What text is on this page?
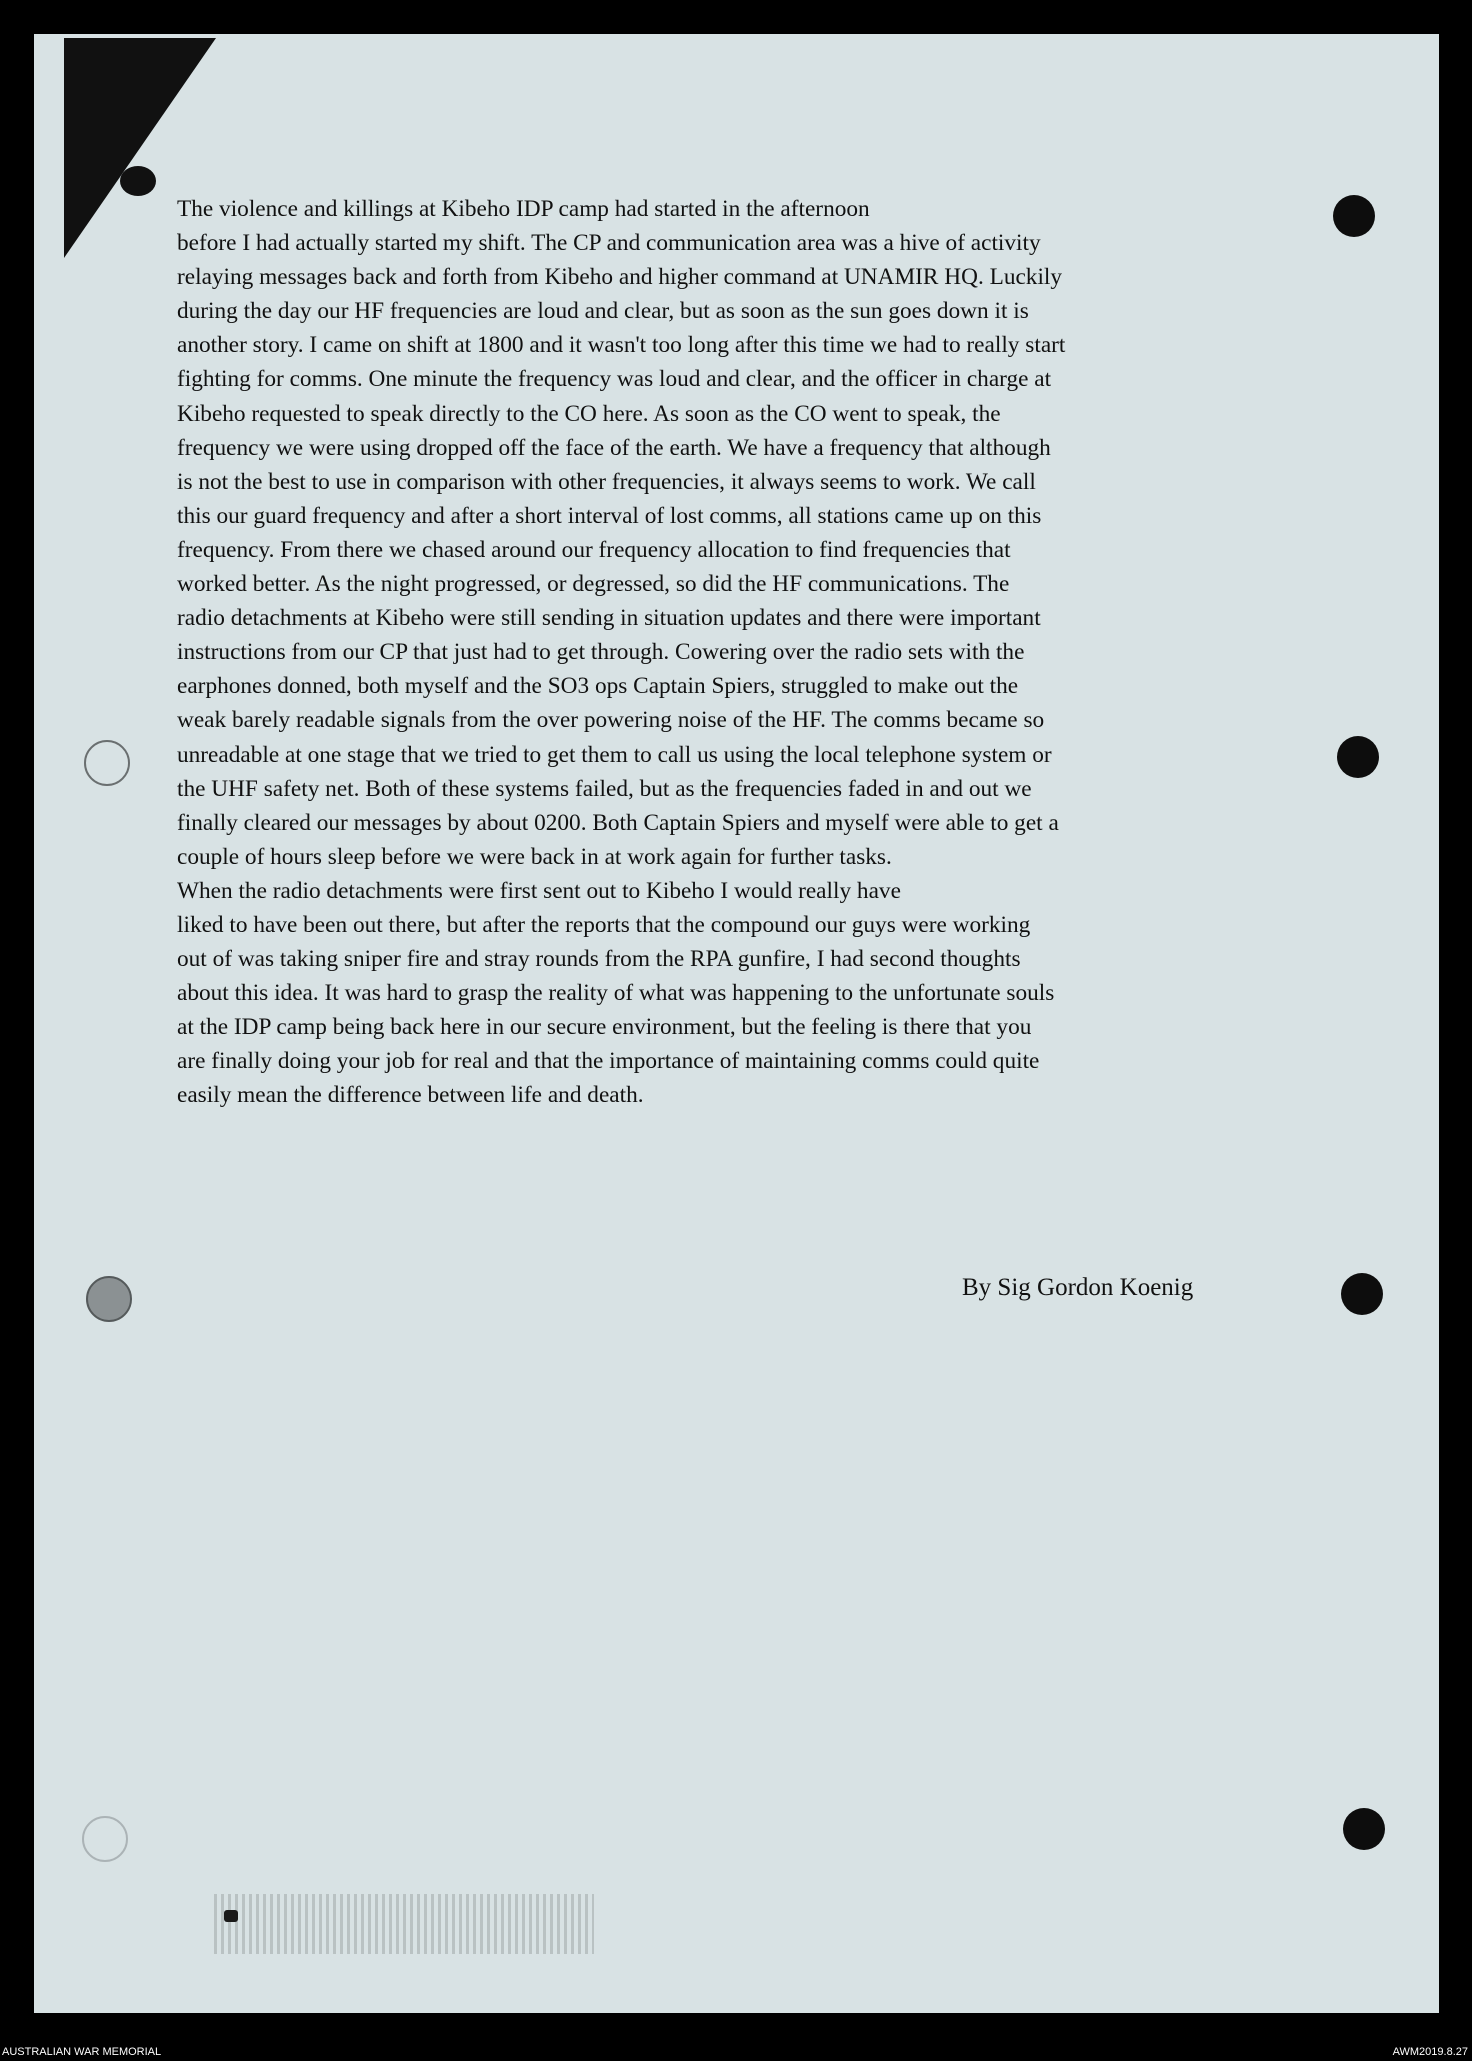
The violence and killings at Kibeho IDP camp had started in the afternoon
before I had actually started my shift. The CP and communication area was a hive of activity
relaying messages back and forth from Kibeho and higher command at UNAMIR HQ. Luckily
during the day our HF frequencies are loud and clear, but as soon as the sun goes down it is
another story. I came on shift at 1800 and it wasn't too long after this time we had to really start
fighting for comms. One minute the frequency was loud and clear, and the officer in charge at
Kibeho requested to speak directly to the CO here. As soon as the CO went to speak, the
frequency we were using dropped off the face of the earth. We have a frequency that although
is not the best to use in comparison with other frequencies, it always seems to work. We call
this our guard frequency and after a short interval of lost comms, all stations came up on this
frequency. From there we chased around our frequency allocation to find frequencies that
worked better. As the night progressed, or degressed, so did the HF communications. The
radio detachments at Kibeho were still sending in situation updates and there were important
instructions from our CP that just had to get through. Cowering over the radio sets with the
earphones donned, both myself and the SO3 ops Captain Spiers, struggled to make out the
weak barely readable signals from the over powering noise of the HF. The comms became so
unreadable at one stage that we tried to get them to call us using the local telephone system or
the UHF safety net. Both of these systems failed, but as the frequencies faded in and out we
finally cleared our messages by about 0200. Both Captain Spiers and myself were able to get a
couple of hours sleep before we were back in at work again for further tasks.

When the radio detachments were first sent out to Kibeho I would really have
liked to have been out there, but after the reports that the compound our guys were working
out of was taking sniper fire and stray rounds from the RPA gunfire, I had second thoughts
about this idea. It was hard to grasp the reality of what was happening to the unfortunate souls
at the IDP camp being back here in our secure environment, but the feeling is there that you
are finally doing your job for real and that the importance of maintaining comms could quite
easily mean the difference between life and death.

By Sig Gordon Koenig
AUSTRALIAN WAR MEMORIAL	AWM2019.8.27
